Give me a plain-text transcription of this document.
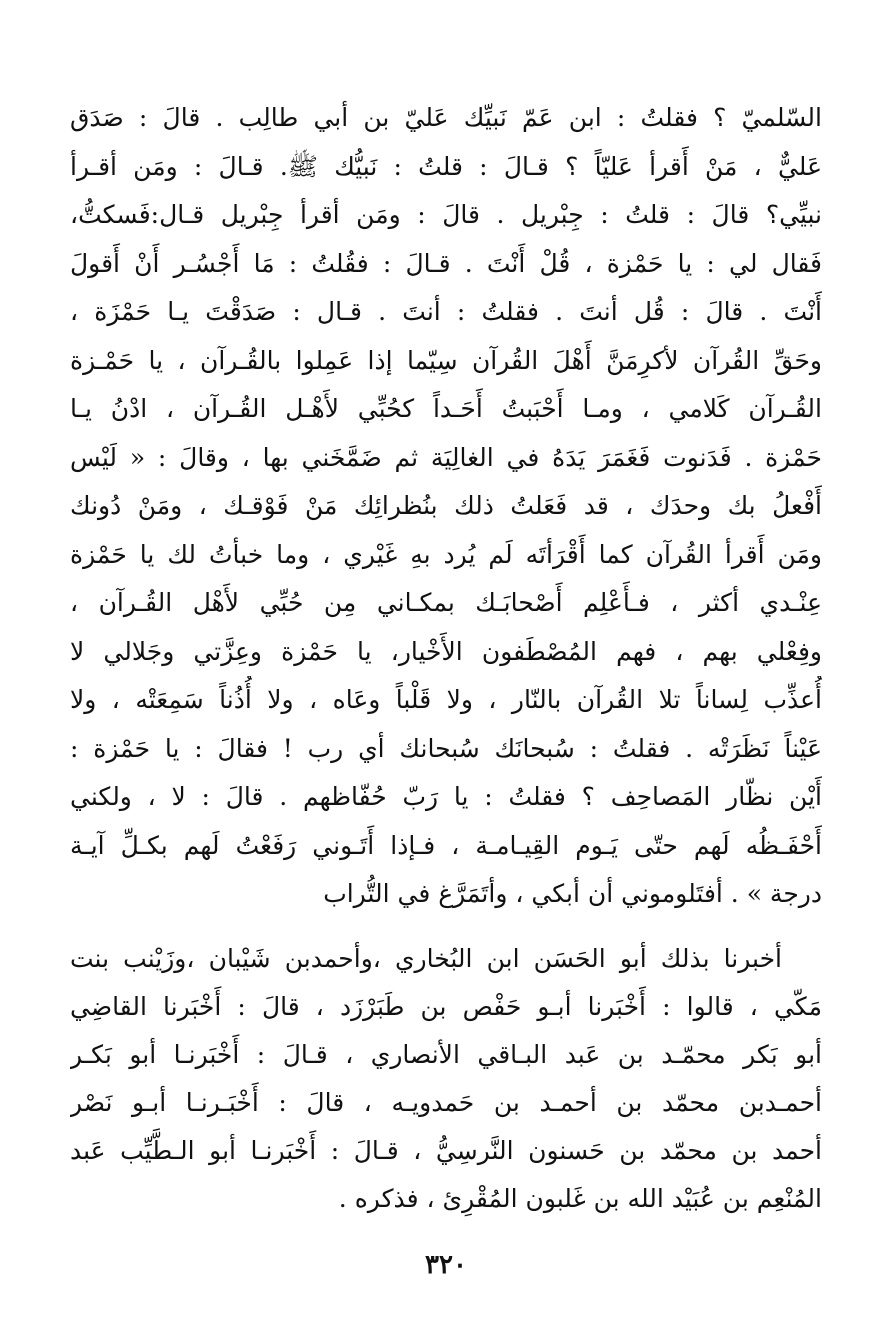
السّلميّ ؟ فقلتُ : ابن عَمّ نَبيِّك عَليّ بن أبي طالِب . قالَ : صَدَق
عَليٌّ ، مَنْ أَقرأ عَليّاً ؟ قـالَ : قلتُ : نَبيُّك ﷺ. قـالَ : ومَن أقـرأ
نبيِّي؟ قالَ : قلتُ : جِبْريل . قالَ : ومَن أقرأ جِبْريل قـال:فَسكتُّ،
فَقال لي : يا حَمْزة ، قُلْ أَنْتَ . قـالَ : فقُلتُ : مَا أَجْسُـر أَنْ أَقولَ
أَنْتَ . قالَ : قُل أنتَ . فقلتُ : أنتَ . قـال : صَدَقْتَ يـا حَمْزَة ،
وحَقِّ القُرآن لأكرِمَنَّ أَهْلَ القُرآن سِيّما إذا عَمِلوا بالقُـرآن ، يا حَمْـزة
القُـرآن كَلامي ، ومـا أَحْبَبتُ أَحَـداً كحُبِّي لأَهْـل القُـرآن ، ادْنُ يـا
حَمْزة . فَدَنوت فَغَمَرَ يَدَهُ في الغالِيَة ثم ضَمَّخَني بها ، وقالَ : « لَيْس
أَفْعلُ بك وحدَك ، قد فَعَلتُ ذلك بنُظرائِك مَنْ فَوْقـك ، ومَنْ دُونك
ومَن أَقرأ القُرآن كما أَقْرَأتَه لَم يُرد بهِ غَيْري ، وما خبأتُ لك يا حَمْزة
عِنْـدي أكثر ، فـأَعْلِم أَصْحابَـك بمكـاني مِن حُبِّي لأَهْل القُـرآن ،
وفِعْلي بهم ، فهم المُصْطَفون الأَخْيار، يا حَمْزة وعِزَّتي وجَلالي لا
أُعذِّب لِساناً تلا القُرآن بالنّار ، ولا قَلْباً وعَاه ، ولا أُذُناً سَمِعَتْه ، ولا
عَيْناً نَظَرَتْه . فقلتُ : سُبحانَك سُبحانك أي رب ! فقالَ : يا حَمْزة :
أَيْن نظّار المَصاحِف ؟ فقلتُ : يا رَبّ حُفّاظهم . قالَ : لا ، ولكني
أَحْفَـظُه لَهم حتّى يَـوم القِيـامـة ، فـإذا أَتَـوني رَفَعْتُ لَهم بكـلِّ آيـة
درجة » . أفتَلوموني أن أبكي ، وأتَمَرَّغ في التُّراب
أخبرنا بذلك أبو الحَسَن ابن البُخاري ،وأحمدبن شَيْبان ،وزَيْنب بنت
مَكّي ، قالوا : أَخْبَرنا أبـو حَفْص بن طَبَرْزَد ، قالَ : أَخْبَرنا القاضِي
أبو بَكر محمّـد بن عَبد البـاقي الأنصاري ، قـالَ : أَخْبَرنـا أبو بَكـر
أحمـدبن محمّد بن أحمـد بن حَمدويـه ، قالَ : أَخْبَـرنـا أبـو نَصْر
أحمد بن محمّد بن حَسنون النَّرسِيُّ ، قـالَ : أَخْبَرنـا أبو الـطَّيِّب عَبد
المُنْعِم بن عُبَيْد الله بن غَلبون المُقْرِئ ، فذكره .
٣٢٠
